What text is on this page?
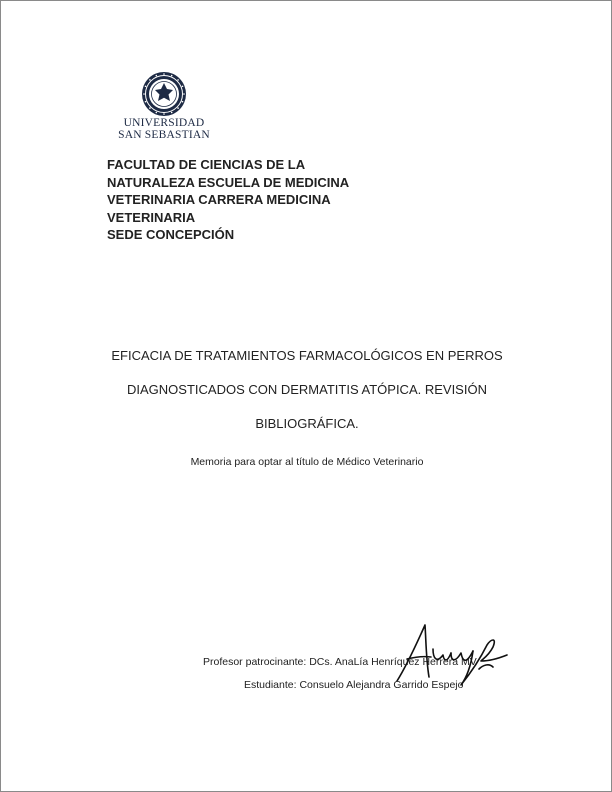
UNIVERSIDAD
SAN SEBASTIAN
FACULTAD DE CIENCIAS DE LA
NATURALEZA ESCUELA DE MEDICINA
VETERINARIA CARRERA MEDICINA
VETERINARIA
SEDE CONCEPCIÓN
EFICACIA DE TRATAMIENTOS FARMACOLÓGICOS EN PERROS
DIAGNOSTICADOS CON DERMATITIS ATÓPICA. REVISIÓN
BIBLIOGRÁFICA.
Memoria para optar al título de Médico Veterinario
Profesor patrocinante: DCs. AnaLía Henríquez Herrera MV
Estudiante: Consuelo Alejandra Garrido Espejo
